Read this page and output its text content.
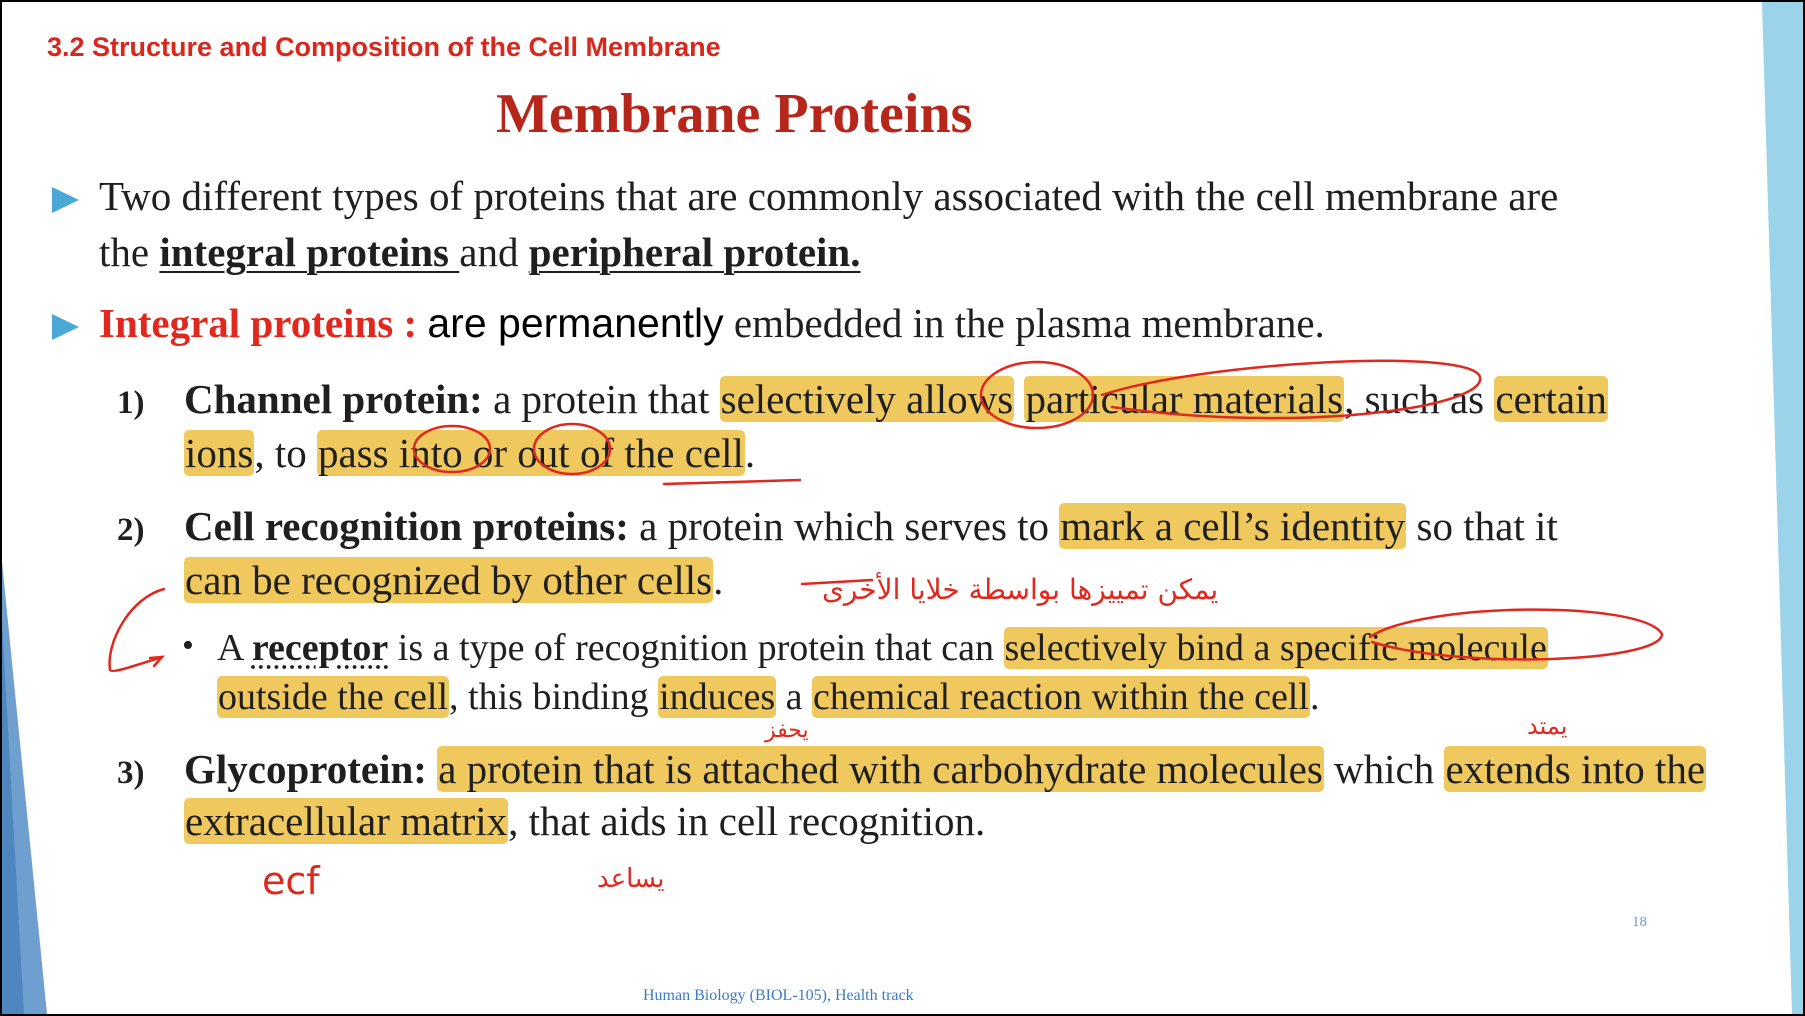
3.2 Structure and Composition of the Cell Membrane
Membrane Proteins
Two different types of proteins that are commonly associated with the cell membrane are
the integral proteins and peripheral protein.
Integral proteins : are permanently embedded in the plasma membrane.
1) Channel protein: a protein that selectively allows particular materials, such as certain
ions, to pass into or out of the cell.
2) Cell recognition proteins: a protein which serves to mark a cell’s identity so that it
can be recognized by other cells.
• A receptor is a type of recognition protein that can selectively bind a specific molecule
outside the cell, this binding induces a chemical reaction within the cell.
3) Glycoprotein: a protein that is attached with carbohydrate molecules which extends into the
extracellular matrix, that aids in cell recognition.
18
Human Biology (BIOL-105), Health track
يمكن تمييزها بواسطة خلايا الأخرى
يحفز	يمتد
يساعد
ecf
